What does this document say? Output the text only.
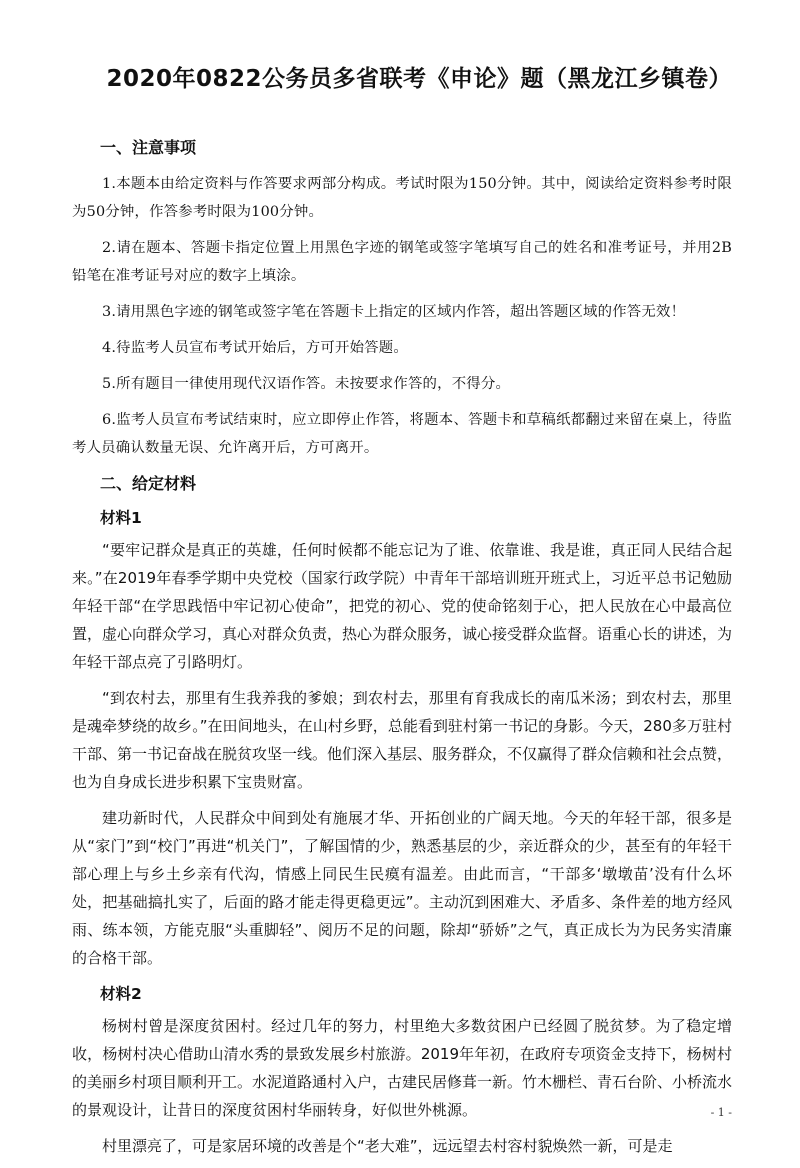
2020年0822公务员多省联考《申论》题（黑龙江乡镇卷）
一、注意事项

1.本题本由给定资料与作答要求两部分构成。考试时限为150分钟。其中，阅读给定资料参考时限为50分钟，作答参考时限为100分钟。

2.请在题本、答题卡指定位置上用黑色字迹的钢笔或签字笔填写自己的姓名和准考证号，并用2B铅笔在准考证号对应的数字上填涂。

3.请用黑色字迹的钢笔或签字笔在答题卡上指定的区域内作答，超出答题区域的作答无效！

4.待监考人员宣布考试开始后，方可开始答题。

5.所有题目一律使用现代汉语作答。未按要求作答的，不得分。

6.监考人员宣布考试结束时，应立即停止作答，将题本、答题卡和草稿纸都翻过来留在桌上，待监考人员确认数量无误、允许离开后，方可离开。

二、给定材料
材料1

“要牢记群众是真正的英雄，任何时候都不能忘记为了谁、依靠谁、我是谁，真正同人民结合起来。”在2019年春季学期中央党校（国家行政学院）中青年干部培训班开班式上，习近平总书记勉励年轻干部“在学思践悟中牢记初心使命”，把党的初心、党的使命铭刻于心，把人民放在心中最高位置，虚心向群众学习，真心对群众负责，热心为群众服务，诚心接受群众监督。语重心长的讲述，为年轻干部点亮了引路明灯。

“到农村去，那里有生我养我的爹娘；到农村去，那里有育我成长的南瓜米汤；到农村去，那里是魂牵梦绕的故乡。”在田间地头，在山村乡野，总能看到驻村第一书记的身影。今天，280多万驻村干部、第一书记奋战在脱贫攻坚一线。他们深入基层、服务群众，不仅赢得了群众信赖和社会点赞，也为自身成长进步积累下宝贵财富。

建功新时代，人民群众中间到处有施展才华、开拓创业的广阔天地。今天的年轻干部，很多是从“家门”到“校门”再进“机关门”，了解国情的少，熟悉基层的少，亲近群众的少，甚至有的年轻干部心理上与乡土乡亲有代沟，情感上同民生民瘼有温差。由此而言，“干部多‘墩墩苗’没有什么坏处，把基础搞扎实了，后面的路才能走得更稳更远”。主动沉到困难大、矛盾多、条件差的地方经风雨、练本领，方能克服“头重脚轻”、阅历不足的问题，除却“骄娇”之气，真正成长为为民务实清廉的合格干部。

材料2

杨树村曾是深度贫困村。经过几年的努力，村里绝大多数贫困户已经圆了脱贫梦。为了稳定增收，杨树村决心借助山清水秀的景致发展乡村旅游。2019年年初，在政府专项资金支持下，杨树村的美丽乡村项目顺利开工。水泥道路通村入户，古建民居修葺一新。竹木栅栏、青石台阶、小桥流水的景观设计，让昔日的深度贫困村华丽转身，好似世外桃源。

村里漂亮了，可是家居环境的改善是个“老大难”，远远望去村容村貌焕然一新，可是走

- 1 -
